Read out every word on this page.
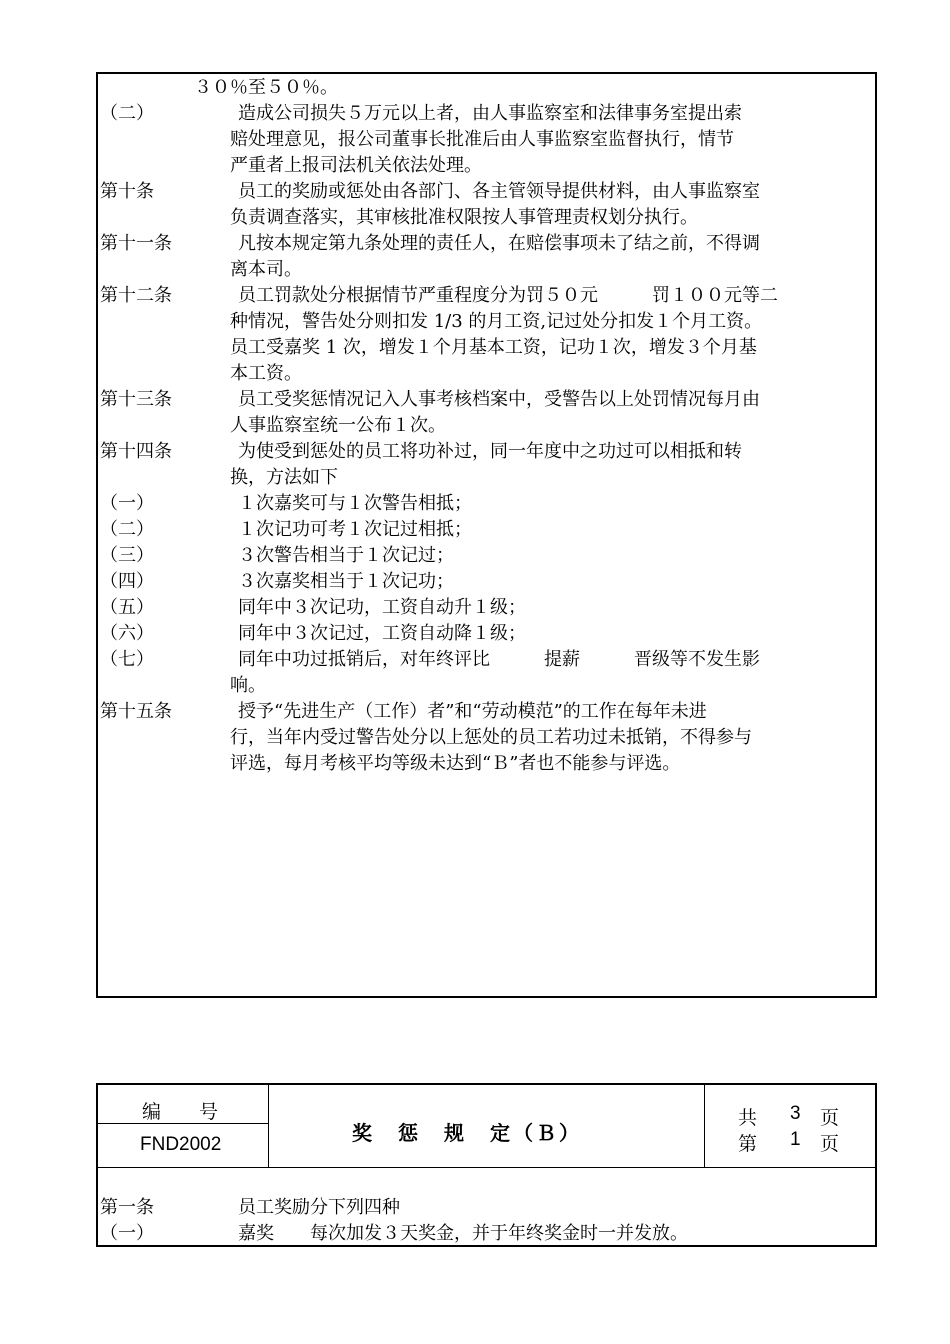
编　　号
FND2002	奖　惩　规　定（Ｂ）
共 3 页
第 1 页
　３０％至５０％。
（二）	造成公司损失５万元以上者，由人事监察室和法律事务室提出索
赔处理意见，报公司董事长批准后由人事监察室监督执行，情节
严重者上报司法机关依法处理。
第十条	员工的奖励或惩处由各部门、各主管领导提供材料，由人事监察室
负责调查落实，其审核批准权限按人事管理责权划分执行。
第十一条	凡按本规定第九条处理的责任人，在赔偿事项未了结之前，不得调
离本司。
第十二条	员工罚款处分根据情节严重程度分为罚５０元　　　罚１００元等二
种情况，警告处分则扣发 1/3 的月工资,记过处分扣发１个月工资。
员工受嘉奖 1 次，增发１个月基本工资，记功１次，增发３个月基
本工资。
第十三条	员工受奖惩情况记入人事考核档案中，受警告以上处罚情况每月由
人事监察室统一公布１次。
第十四条	为使受到惩处的员工将功补过，同一年度中之功过可以相抵和转
换，方法如下
（一）	１次嘉奖可与１次警告相抵；
（二）	１次记功可考１次记过相抵；
（三）	３次警告相当于１次记过；
（四）	３次嘉奖相当于１次记功；
（五）	同年中３次记功，工资自动升１级；
（六）	同年中３次记过，工资自动降１级；
（七）	同年中功过抵销后，对年终评比　　　提薪　　　晋级等不发生影
响。
第十五条	授予“先进生产（工作）者”和“劳动模范”的工作在每年未进
行，当年内受过警告处分以上惩处的员工若功过未抵销，不得参与
评选，每月考核平均等级未达到“Ｂ”者也不能参与评选。
第一条	员工奖励分下列四种
（一）	嘉奖　　每次加发３天奖金，并于年终奖金时一并发放。
